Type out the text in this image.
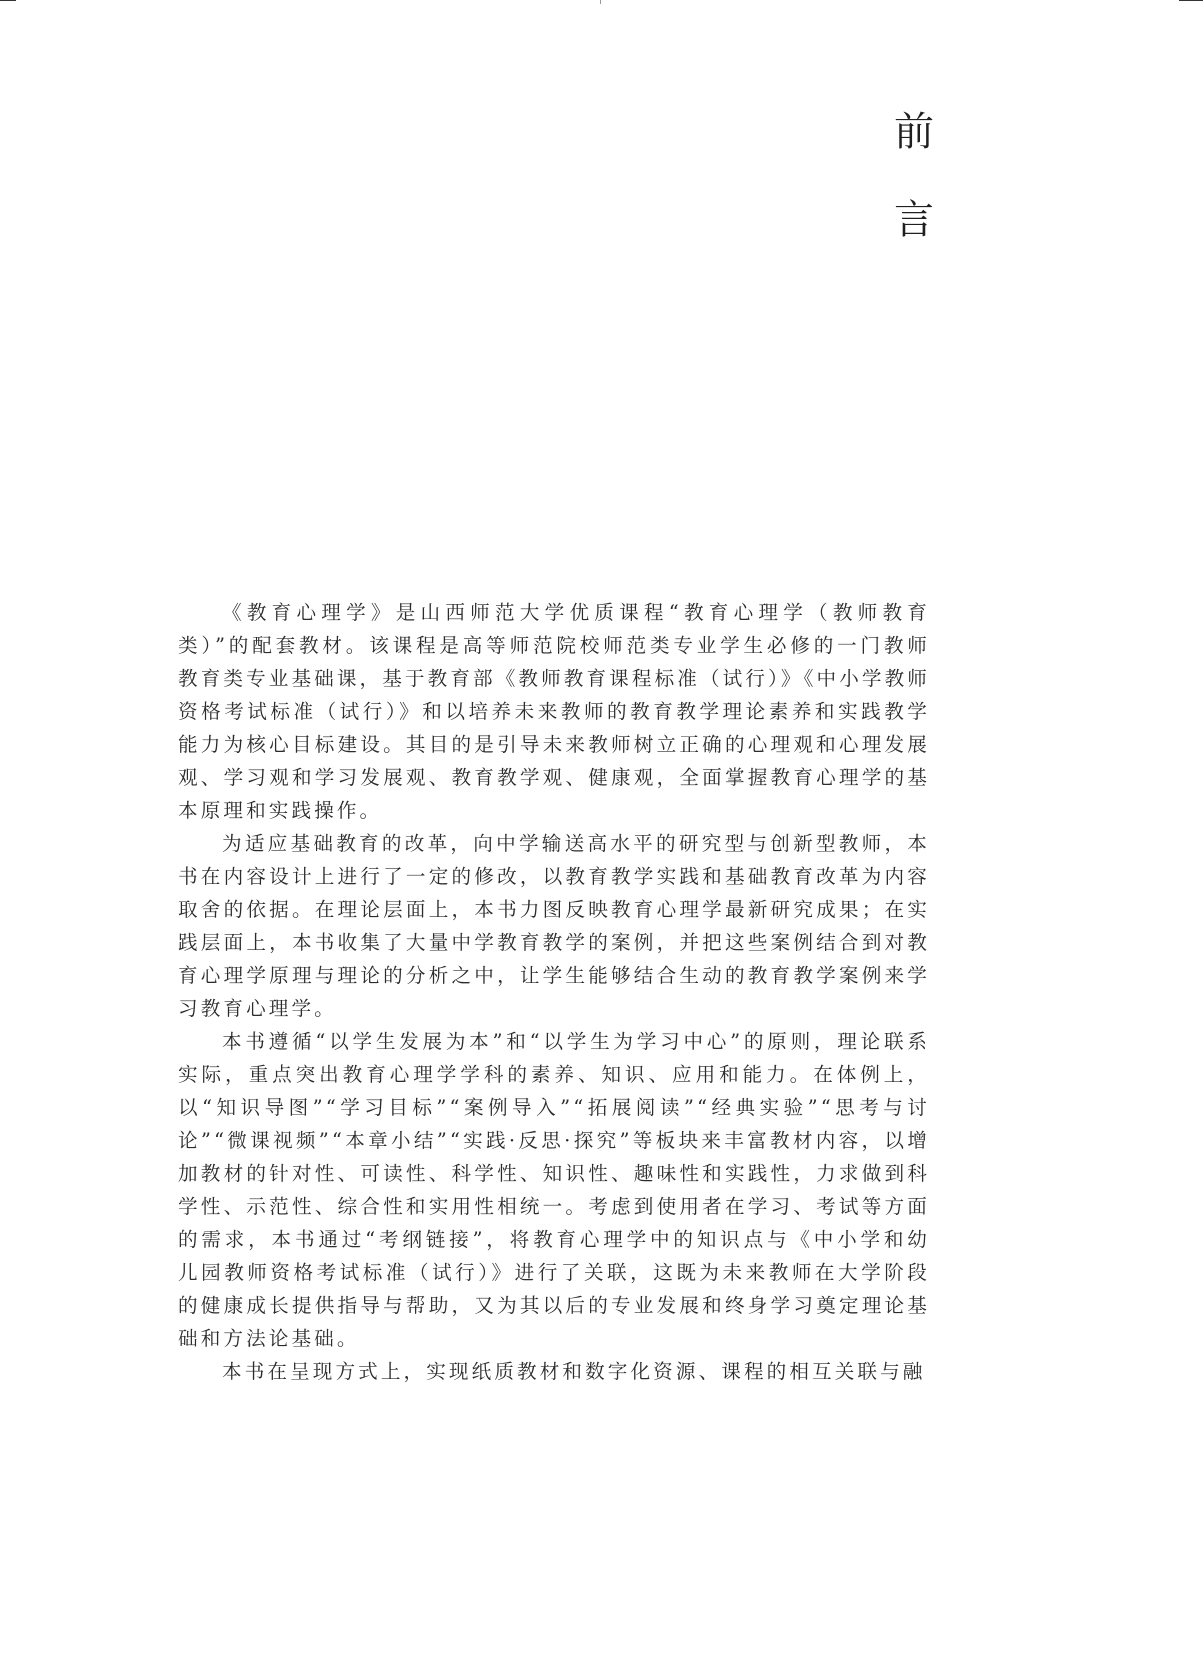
前
言

《教育心理学》是山西师范大学优质课程“教育心理学（教师教育类）”的配套教材。该课程是高等师范院校师范类专业学生必修的一门教师教育类专业基础课，基于教育部《教师教育课程标准（试行）》《中小学教师资格考试标准（试行）》和以培养未来教师的教育教学理论素养和实践教学能力为核心目标建设。其目的是引导未来教师树立正确的心理观和心理发展观、学习观和学习发展观、教育教学观、健康观，全面掌握教育心理学的基本原理和实践操作。

为适应基础教育的改革，向中学输送高水平的研究型与创新型教师，本书在内容设计上进行了一定的修改，以教育教学实践和基础教育改革为内容取舍的依据。在理论层面上，本书力图反映教育心理学最新研究成果；在实践层面上，本书收集了大量中学教育教学的案例，并把这些案例结合到对教育心理学原理与理论的分析之中，让学生能够结合生动的教育教学案例来学习教育心理学。

本书遵循“以学生发展为本”和“以学生为学习中心”的原则，理论联系实际，重点突出教育心理学学科的素养、知识、应用和能力。在体例上，以“知识导图”“学习目标”“案例导入”“拓展阅读”“经典实验”“思考与讨论”“微课视频”“本章小结”“实践·反思·探究”等板块来丰富教材内容，以增加教材的针对性、可读性、科学性、知识性、趣味性和实践性，力求做到科学性、示范性、综合性和实用性相统一。考虑到使用者在学习、考试等方面的需求，本书通过“考纲链接”，将教育心理学中的知识点与《中小学和幼儿园教师资格考试标准（试行）》进行了关联，这既为未来教师在大学阶段的健康成长提供指导与帮助，又为其以后的专业发展和终身学习奠定理论基础和方法论基础。

本书在呈现方式上，实现纸质教材和数字化资源、课程的相互关联与融
